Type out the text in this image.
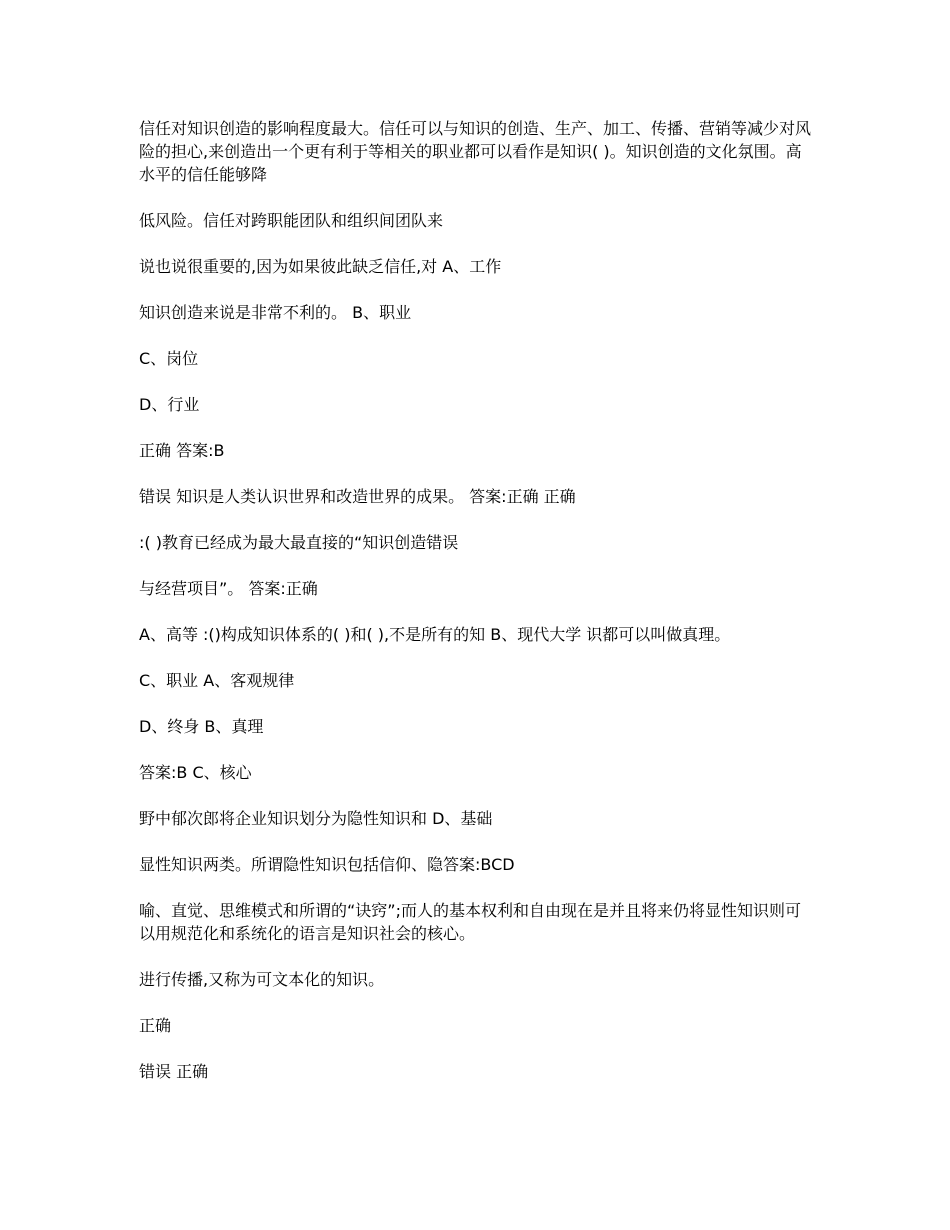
信任对知识创造的影响程度最大。信任可以与知识的创造、生产、加工、传播、营销等减少对风险的担心,来创造出一个更有利于等相关的职业都可以看作是知识( )。知识创造的文化氛围。高水平的信任能够降

低风险。信任对跨职能团队和组织间团队来

说也说很重要的,因为如果彼此缺乏信任,对 A、工作

知识创造来说是非常不利的。 B、职业

C、岗位

D、行业

正确 答案:B

错误 知识是人类认识世界和改造世界的成果。 答案:正确 正确

:( )教育已经成为最大最直接的“知识创造错误

与经营项目”。 答案:正确

A、高等 :()构成知识体系的( )和( ),不是所有的知 B、现代大学 识都可以叫做真理。

C、职业 A、客观规律

D、终身 B、真理

答案:B C、核心

野中郁次郎将企业知识划分为隐性知识和 D、基础

显性知识两类。所谓隐性知识包括信仰、隐答案:BCD

喻、直觉、思维模式和所谓的“诀窍”;而人的基本权利和自由现在是并且将来仍将显性知识则可以用规范化和系统化的语言是知识社会的核心。

进行传播,又称为可文本化的知识。

正确

错误 正确
